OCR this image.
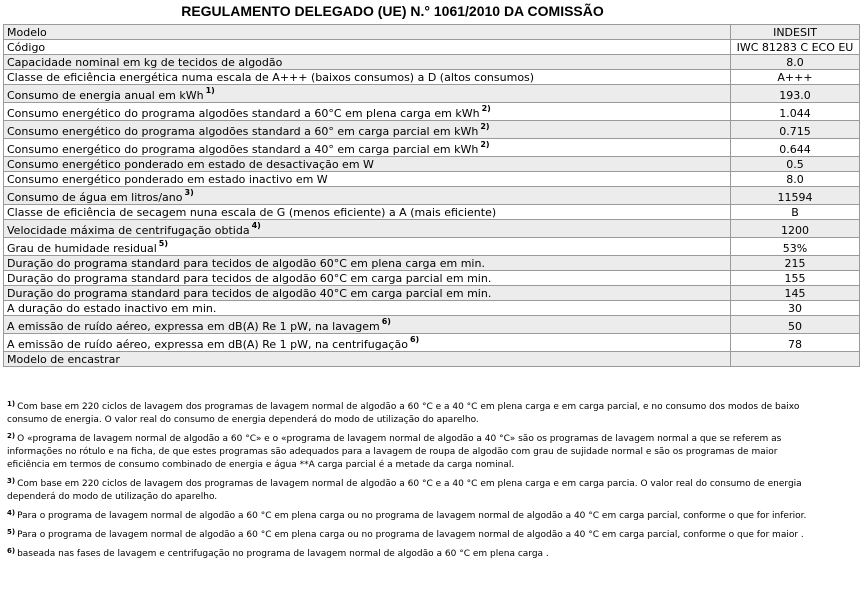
REGULAMENTO DELEGADO (UE) N.° 1061/2010 DA COMISSÃO
Modelo	INDESIT
Código	IWC 81283 C ECO EU
Capacidade nominal em kg de tecidos de algodão	8.0
Classe de eficiência energética numa escala de A+++ (baixos consumos) a D (altos consumos)	A+++
Consumo de energia anual em kWh $^{1)}$	193.0
Consumo energético do programa algodões standard a 60°C em plena carga em kWh $^{2)}$	1.044
Consumo energético do programa algodões standard a 60° em carga parcial em kWh $^{2)}$	0.715
Consumo energético do programa algodões standard a 40° em carga parcial em kWh $^{2)}$	0.644
Consumo energético ponderado em estado de desactivação em W	0.5
Consumo energético ponderado em estado inactivo em W	8.0
Consumo de água em litros/ano $^{3)}$	11594
Classe de eficiência de secagem nuna escala de G (menos eficiente) a A (mais eficiente)	B
Velocidade máxima de centrifugação obtida $^{4)}$	1200
Grau de humidade residual $^{5)}$	53%
Duração do programa standard para tecidos de algodão 60°C em plena carga em min.	215
Duração do programa standard para tecidos de algodão 60°C em carga parcial em min.	155
Duração do programa standard para tecidos de algodão 40°C em carga parcial em min.	145
A duração do estado inactivo em min.	30
A emissão de ruído aéreo, expressa em dB(A) Re 1 pW, na lavagem $^{6)}$	50
A emissão de ruído aéreo, expressa em dB(A) Re 1 pW, na centrifugação $^{6)}$	78
Modelo de encastrar	

$^{1)}$ Com base em 220 ciclos de lavagem dos programas de lavagem normal de algodão a 60 °C e a 40 °C em plena carga e em carga parcial, e no consumo dos modos de baixo

consumo de energia. O valor real do consumo de energia dependerá do modo de utilização do aparelho.

$^{2)}$ O «programa de lavagem normal de algodão a 60 °C» e o «programa de lavagem normal de algodão a 40 °C» são os programas de lavagem normal a que se referem as

informações no rótulo e na ficha, de que estes programas são adequados para a lavagem de roupa de algodão com grau de sujidade normal e são os programas de maior

eficiência em termos de consumo combinado de energia e água **A carga parcial é a metade da carga nominal.

$^{3)}$ Com base em 220 ciclos de lavagem dos programas de lavagem normal de algodão a 60 °C e a 40 °C em plena carga e em carga parcia. O valor real do consumo de energia

dependerá do modo de utilização do aparelho.

$^{4)}$ Para o programa de lavagem normal de algodão a 60 °C em plena carga ou no programa de lavagem normal de algodão a 40 °C em carga parcial, conforme o que for inferior.

$^{5)}$ Para o programa de lavagem normal de algodão a 60 °C em plena carga ou no programa de lavagem normal de algodão a 40 °C em carga parcial, conforme o que for maior .

$^{6)}$ baseada nas fases de lavagem e centrifugação no programa de lavagem normal de algodão a 60 °C em plena carga .
